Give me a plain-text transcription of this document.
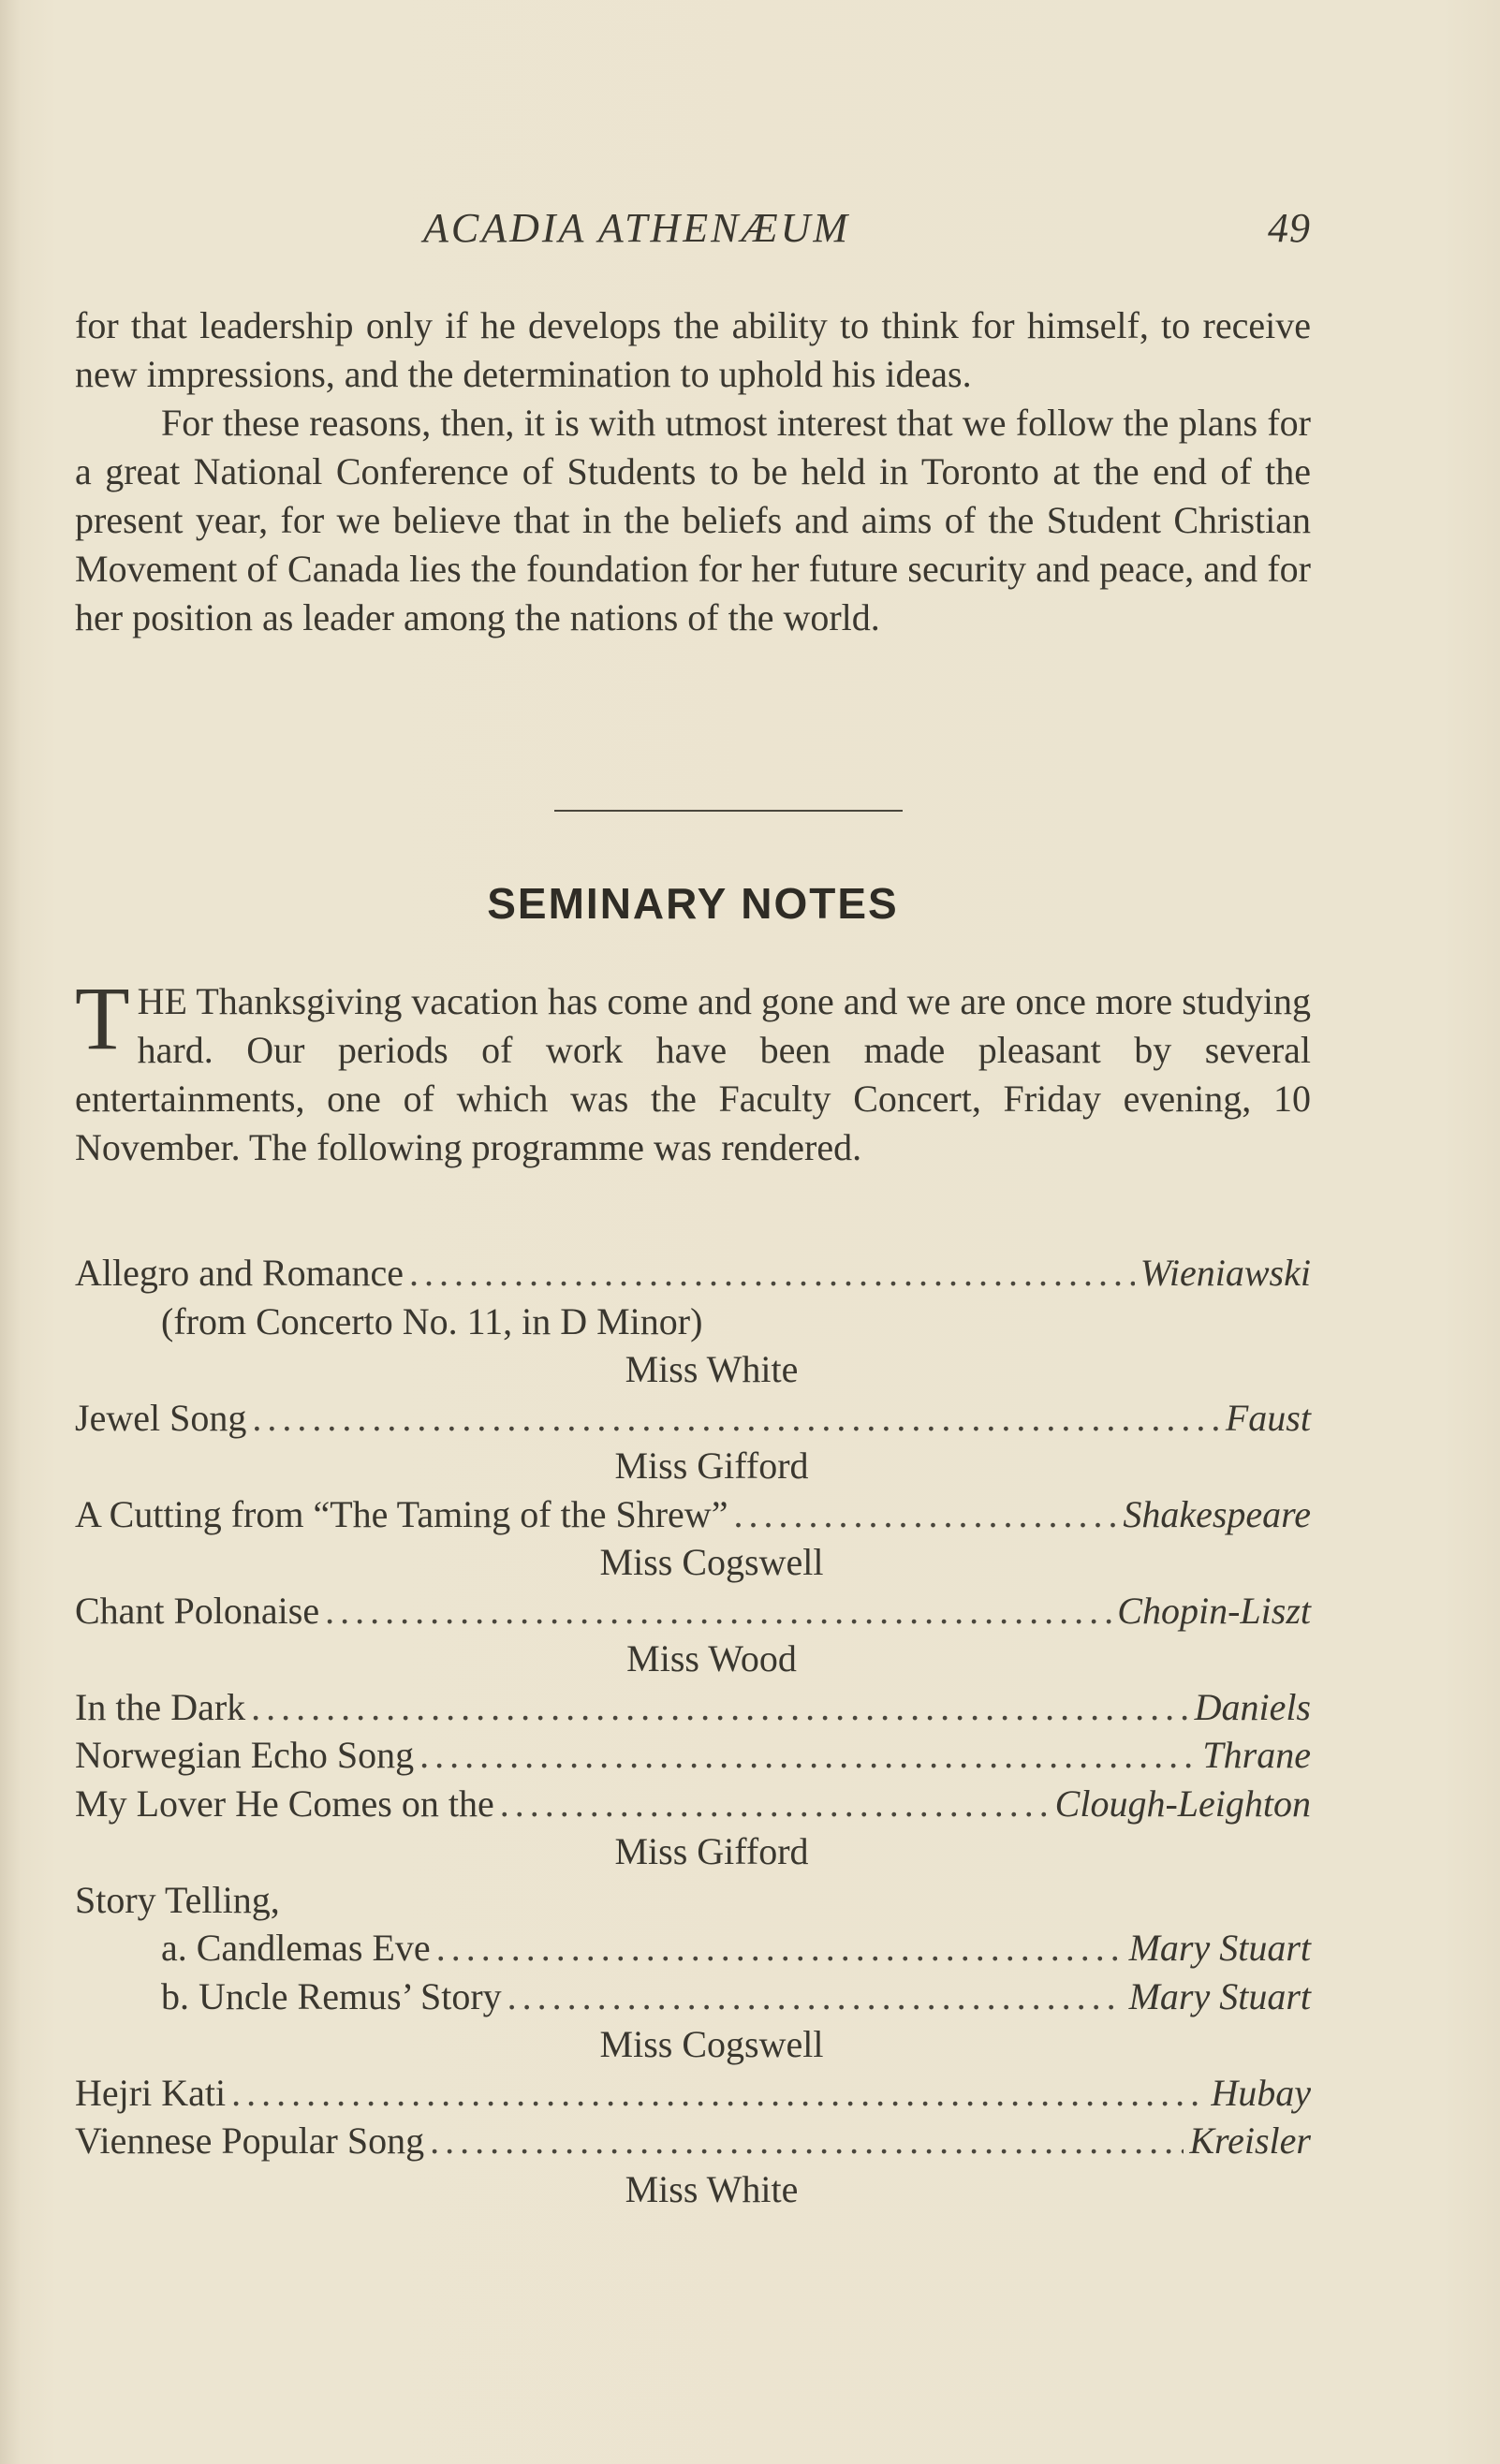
ACADIA ATHENÆUM	49

for that leadership only if he develops the ability to think for himself, to receive new impressions, and the determination to uphold his ideas.

For these reasons, then, it is with utmost interest that we follow the plans for a great National Conference of Students to be held in Toronto at the end of the present year, for we believe that in the beliefs and aims of the Student Christian Movement of Canada lies the foundation for her future security and peace, and for her position as leader among the nations of the world.

SEMINARY NOTES

THE Thanksgiving vacation has come and gone and we are once more studying hard. Our periods of work have been made pleasant by several entertainments, one of which was the Faculty Concert, Friday evening, 10 November. The following programme was rendered.

Allegro and Romance .....	Wieniawski
(from Concerto No. 11, in D Minor)
Miss White
Jewel Song .....	Faust
Miss Gifford
A Cutting from “The Taming of the Shrew” .....	Shakespeare
Miss Cogswell
Chant Polonaise .....	Chopin-Liszt
Miss Wood
In the Dark .....	Daniels
Norwegian Echo Song .....	Thrane
My Lover He Comes on the .....	Clough-Leighton
Miss Gifford
Story Telling,
a. Candlemas Eve .....	Mary Stuart
b. Uncle Remus’ Story .....	Mary Stuart
Miss Cogswell
Hejri Kati .....	Hubay
Viennese Popular Song .....	Kreisler
Miss White
